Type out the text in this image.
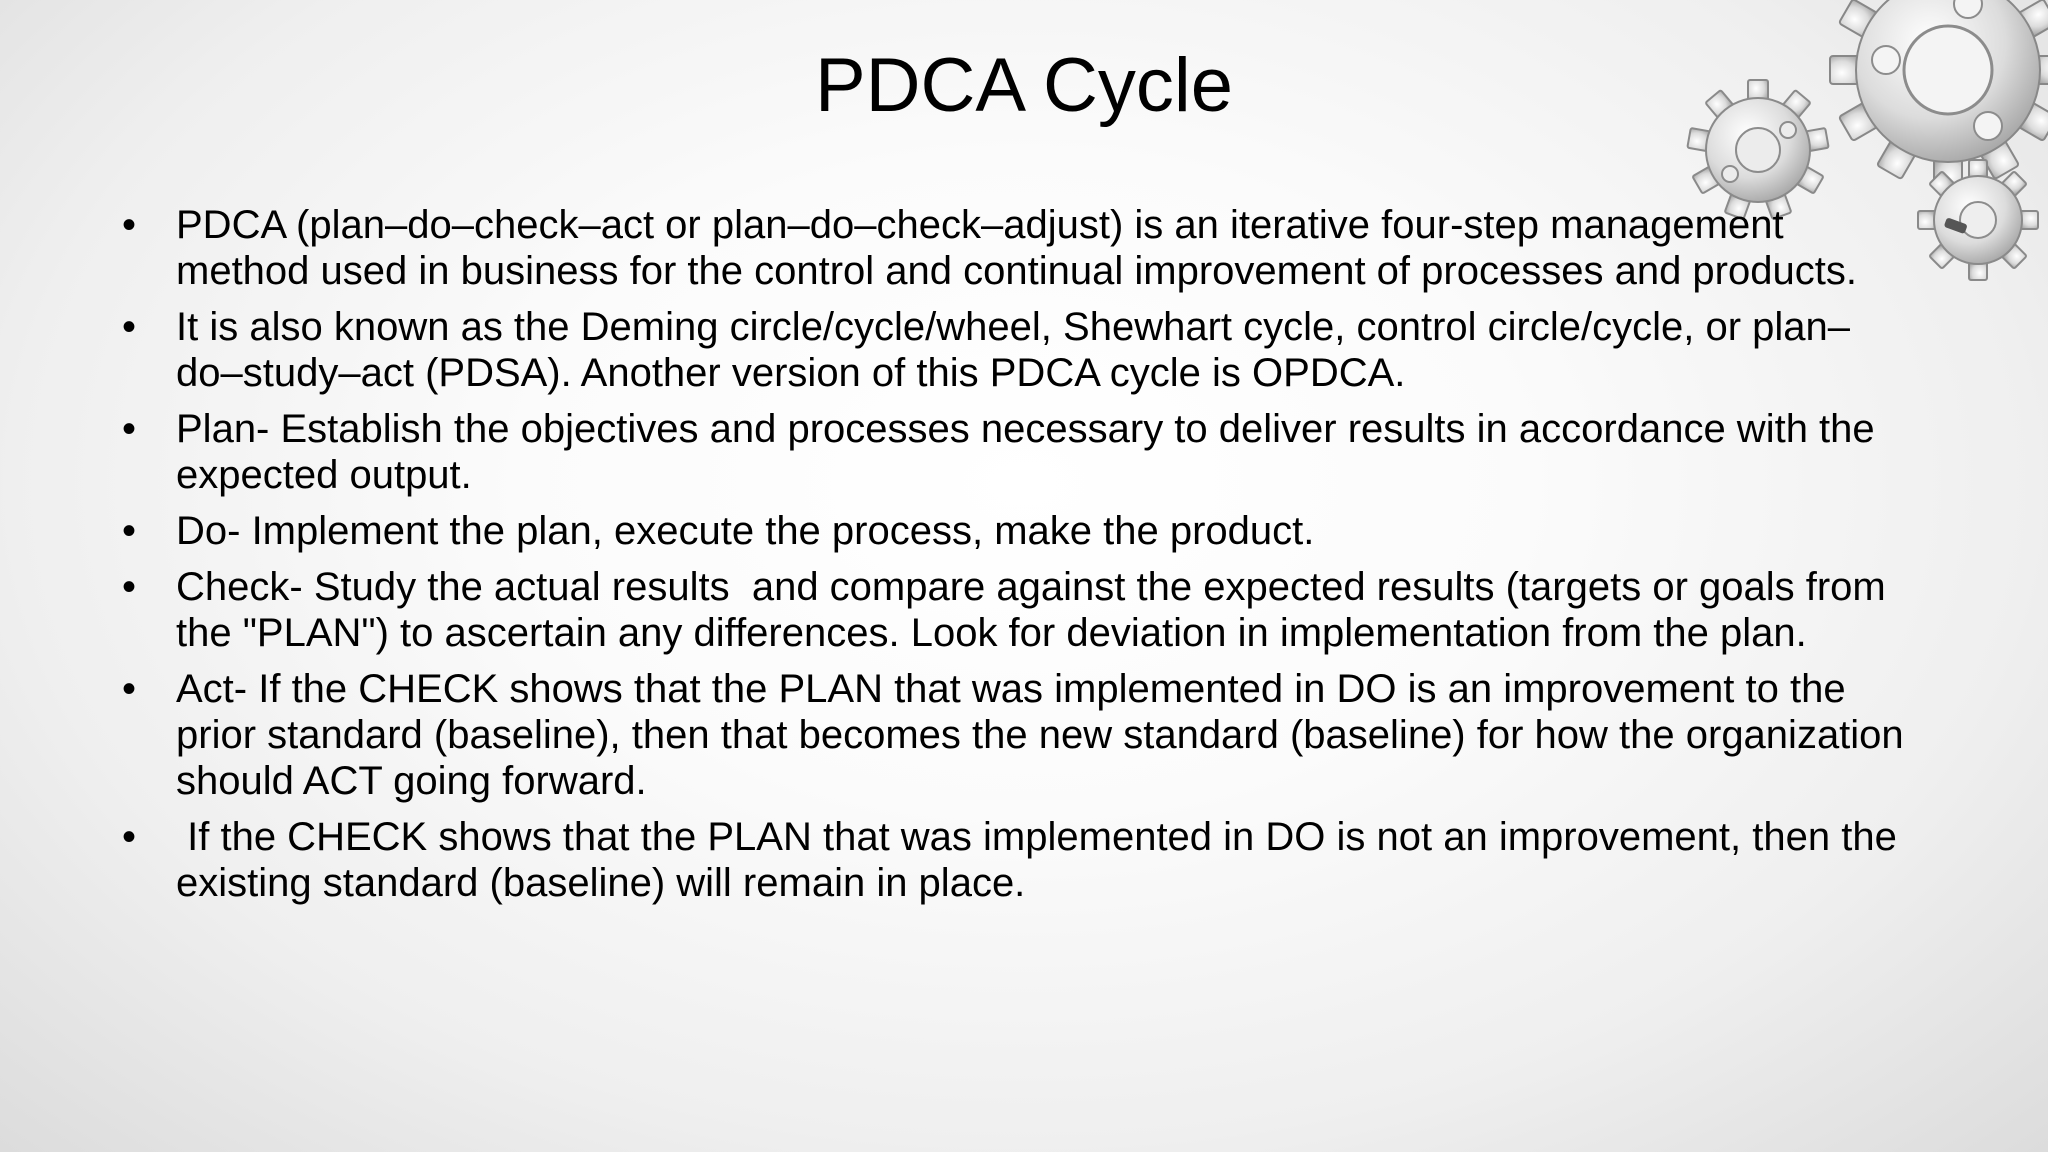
PDCA Cycle
• PDCA (plan–do–check–act or plan–do–check–adjust) is an iterative four-step management method used in business for the control and continual improvement of processes and products.
• It is also known as the Deming circle/cycle/wheel, Shewhart cycle, control circle/cycle, or plan–do–study–act (PDSA). Another version of this PDCA cycle is OPDCA.
• Plan- Establish the objectives and processes necessary to deliver results in accordance with the expected output.
• Do- Implement the plan, execute the process, make the product.
• Check- Study the actual results  and compare against the expected results (targets or goals from the "PLAN") to ascertain any differences. Look for deviation in implementation from the plan.
• Act- If the CHECK shows that the PLAN that was implemented in DO is an improvement to the prior standard (baseline), then that becomes the new standard (baseline) for how the organization should ACT going forward.
• If the CHECK shows that the PLAN that was implemented in DO is not an improvement, then the existing standard (baseline) will remain in place.
